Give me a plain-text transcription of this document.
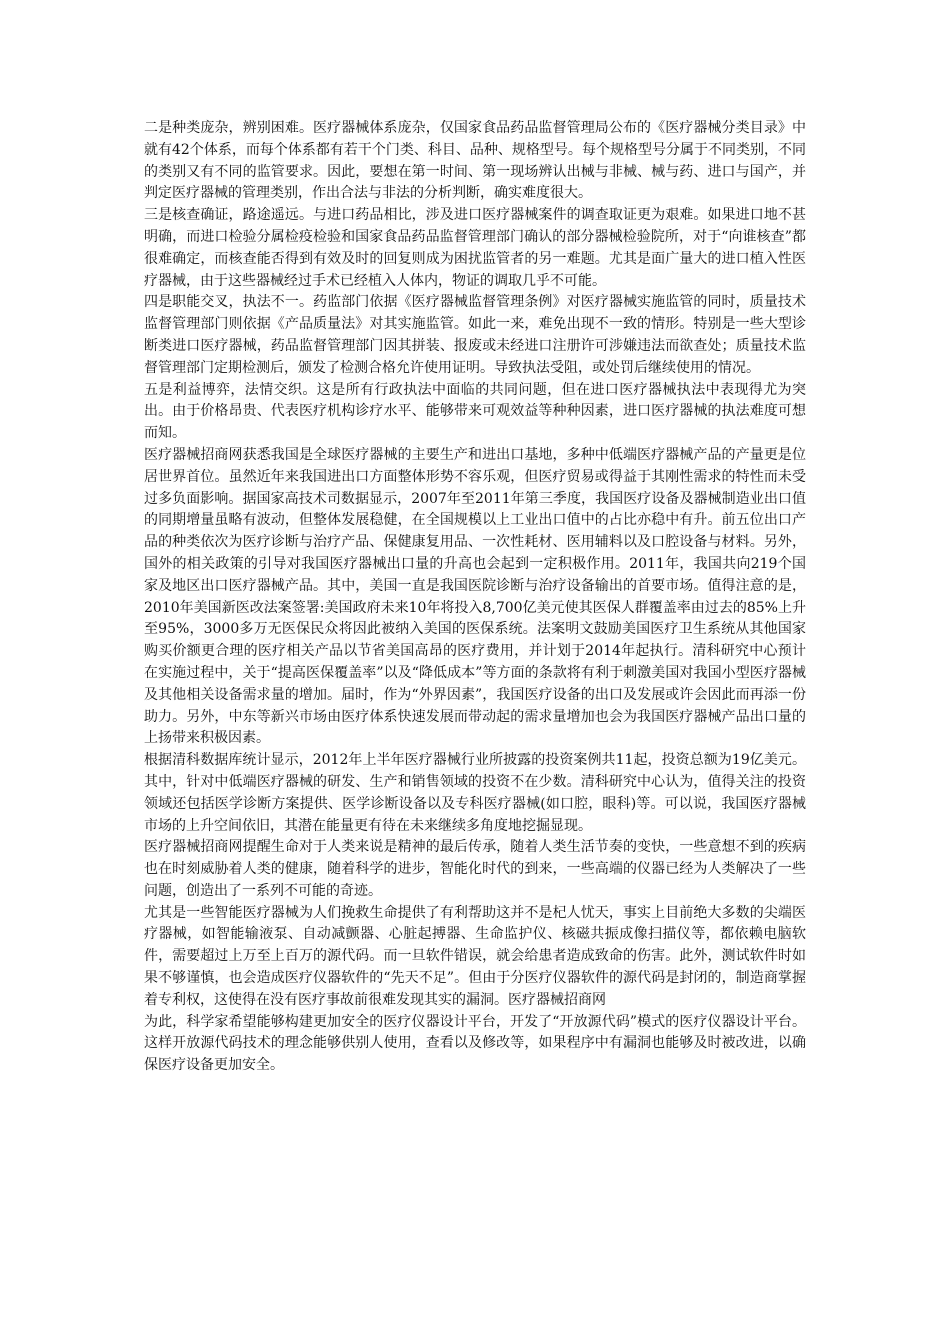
二是种类庞杂，辨别困难。医疗器械体系庞杂，仅国家食品药品监督管理局公布的《医疗器械分类目录》中就有42个体系，而每个体系都有若干个门类、科目、品种、规格型号。每个规格型号分属于不同类别，不同的类别又有不同的监管要求。因此，要想在第一时间、第一现场辨认出械与非械、械与药、进口与国产，并判定医疗器械的管理类别，作出合法与非法的分析判断，确实难度很大。

三是核查确证，路途遥远。与进口药品相比，涉及进口医疗器械案件的调查取证更为艰难。如果进口地不甚明确，而进口检验分属检疫检验和国家食品药品监督管理部门确认的部分器械检验院所，对于“向谁核查”都很难确定，而核查能否得到有效及时的回复则成为困扰监管者的另一难题。尤其是面广量大的进口植入性医疗器械，由于这些器械经过手术已经植入人体内，物证的调取几乎不可能。

四是职能交叉，执法不一。药监部门依据《医疗器械监督管理条例》对医疗器械实施监管的同时，质量技术监督管理部门则依据《产品质量法》对其实施监管。如此一来，难免出现不一致的情形。特别是一些大型诊断类进口医疗器械，药品监督管理部门因其拼装、报废或未经进口注册许可涉嫌违法而欲查处；质量技术监督管理部门定期检测后，颁发了检测合格允许使用证明。导致执法受阻，或处罚后继续使用的情况。

五是利益博弈，法情交织。这是所有行政执法中面临的共同问题，但在进口医疗器械执法中表现得尤为突出。由于价格昂贵、代表医疗机构诊疗水平、能够带来可观效益等种种因素，进口医疗器械的执法难度可想而知。

医疗器械招商网获悉我国是全球医疗器械的主要生产和进出口基地，多种中低端医疗器械产品的产量更是位居世界首位。虽然近年来我国进出口方面整体形势不容乐观，但医疗贸易或得益于其刚性需求的特性而未受过多负面影响。据国家高技术司数据显示，2007年至2011年第三季度，我国医疗设备及器械制造业出口值的同期增量虽略有波动，但整体发展稳健，在全国规模以上工业出口值中的占比亦稳中有升。前五位出口产品的种类依次为医疗诊断与治疗产品、保健康复用品、一次性耗材、医用辅料以及口腔设备与材料。另外，国外的相关政策的引导对我国医疗器械出口量的升高也会起到一定积极作用。2011年，我国共向219个国家及地区出口医疗器械产品。其中，美国一直是我国医院诊断与治疗设备输出的首要市场。值得注意的是，2010年美国新医改法案签署:美国政府未来10年将投入8,700亿美元使其医保人群覆盖率由过去的85%上升至95%，3000多万无医保民众将因此被纳入美国的医保系统。法案明文鼓励美国医疗卫生系统从其他国家购买价额更合理的医疗相关产品以节省美国高昂的医疗费用，并计划于2014年起执行。清科研究中心预计在实施过程中，关于“提高医保覆盖率”以及“降低成本”等方面的条款将有利于刺激美国对我国小型医疗器械及其他相关设备需求量的增加。届时，作为“外界因素”，我国医疗设备的出口及发展或许会因此而再添一份助力。另外，中东等新兴市场由医疗体系快速发展而带动起的需求量增加也会为我国医疗器械产品出口量的上扬带来积极因素。

根据清科数据库统计显示，2012年上半年医疗器械行业所披露的投资案例共11起，投资总额为19亿美元。其中，针对中低端医疗器械的研发、生产和销售领域的投资不在少数。清科研究中心认为，值得关注的投资领域还包括医学诊断方案提供、医学诊断设备以及专科医疗器械(如口腔，眼科)等。可以说，我国医疗器械市场的上升空间依旧，其潜在能量更有待在未来继续多角度地挖掘显现。

医疗器械招商网提醒生命对于人类来说是精神的最后传承，随着人类生活节奏的变快，一些意想不到的疾病也在时刻威胁着人类的健康，随着科学的进步，智能化时代的到来，一些高端的仪器已经为人类解决了一些问题，创造出了一系列不可能的奇迹。

尤其是一些智能医疗器械为人们挽救生命提供了有利帮助这并不是杞人忧天，事实上目前绝大多数的尖端医疗器械，如智能输液泵、自动减颤器、心脏起搏器、生命监护仪、核磁共振成像扫描仪等，都依赖电脑软件，需要超过上万至上百万的源代码。而一旦软件错误，就会给患者造成致命的伤害。此外，测试软件时如果不够谨慎，也会造成医疗仪器软件的“先天不足”。但由于分医疗仪器软件的源代码是封闭的，制造商掌握着专利权，这使得在没有医疗事故前很难发现其实的漏洞。医疗器械招商网

为此，科学家希望能够构建更加安全的医疗仪器设计平台，开发了“开放源代码”模式的医疗仪器设计平台。这样开放源代码技术的理念能够供别人使用，查看以及修改等，如果程序中有漏洞也能够及时被改进，以确保医疗设备更加安全。
